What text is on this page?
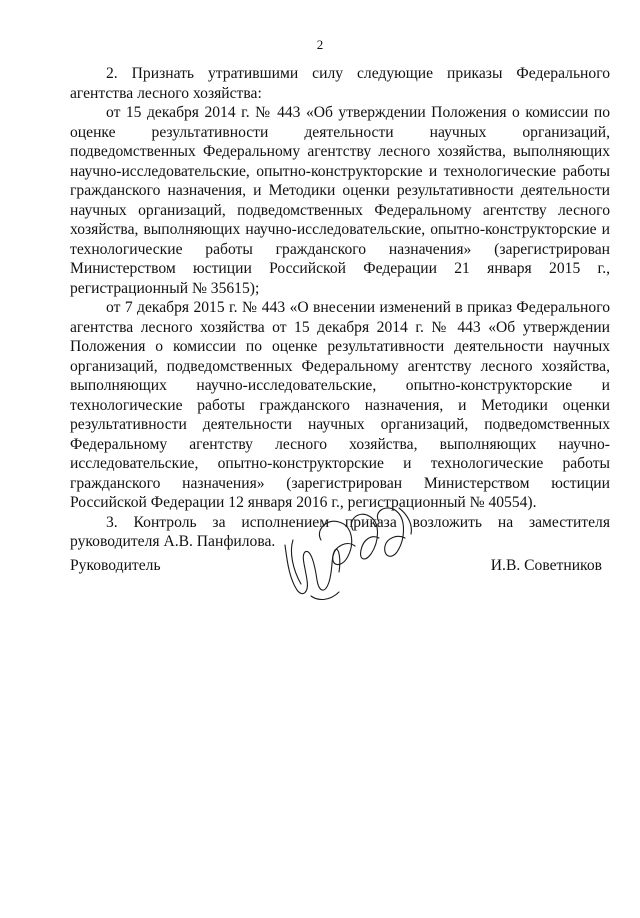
2

2. Признать утратившими силу следующие приказы Федерального агентства лесного хозяйства:

от 15 декабря 2014 г. № 443 «Об утверждении Положения о комиссии по оценке результативности деятельности научных организаций, подведомственных Федеральному агентству лесного хозяйства, выполняющих научно-исследовательские, опытно-конструкторские и технологические работы гражданского назначения, и Методики оценки результативности деятельности научных организаций, подведомственных Федеральному агентству лесного хозяйства, выполняющих научно-исследовательские, опытно-конструкторские и технологические работы гражданского назначения» (зарегистрирован Министерством юстиции Российской Федерации 21 января 2015 г., регистрационный № 35615);

от 7 декабря 2015 г. № 443 «О внесении изменений в приказ Федерального агентства лесного хозяйства от 15 декабря 2014 г. № 443 «Об утверждении Положения о комиссии по оценке результативности деятельности научных организаций, подведомственных Федеральному агентству лесного хозяйства, выполняющих научно-исследовательские, опытно-конструкторские и технологические работы гражданского назначения, и Методики оценки результативности деятельности научных организаций, подведомственных Федеральному агентству лесного хозяйства, выполняющих научно-исследовательские, опытно-конструкторские и технологические работы гражданского назначения» (зарегистрирован Министерством юстиции Российской Федерации 12 января 2016 г., регистрационный № 40554).

3. Контроль за исполнением приказа возложить на заместителя руководителя А.В. Панфилова.

Руководитель	И.В. Советников
